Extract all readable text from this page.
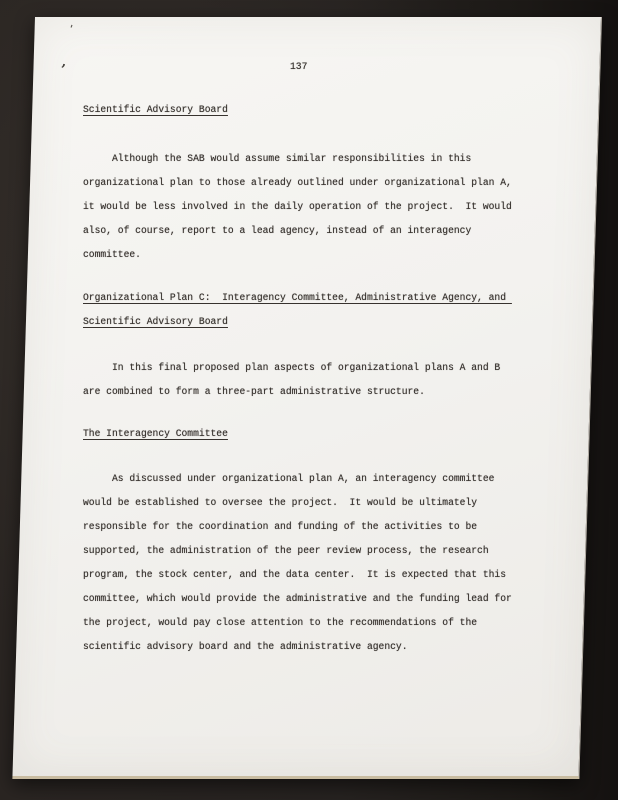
'
,	137
Scientific Advisory Board
Although the SAB would assume similar responsibilities in this
organizational plan to those already outlined under organizational plan A,
it would be less involved in the daily operation of the project.  It would
also, of course, report to a lead agency, instead of an interagency
committee.
Organizational Plan C:  Interagency Committee, Administrative Agency, and
Scientific Advisory Board
In this final proposed plan aspects of organizational plans A and B
are combined to form a three-part administrative structure.
The Interagency Committee
As discussed under organizational plan A, an interagency committee
would be established to oversee the project.  It would be ultimately
responsible for the coordination and funding of the activities to be
supported, the administration of the peer review process, the research
program, the stock center, and the data center.  It is expected that this
committee, which would provide the administrative and the funding lead for
the project, would pay close attention to the recommendations of the
scientific advisory board and the administrative agency.
